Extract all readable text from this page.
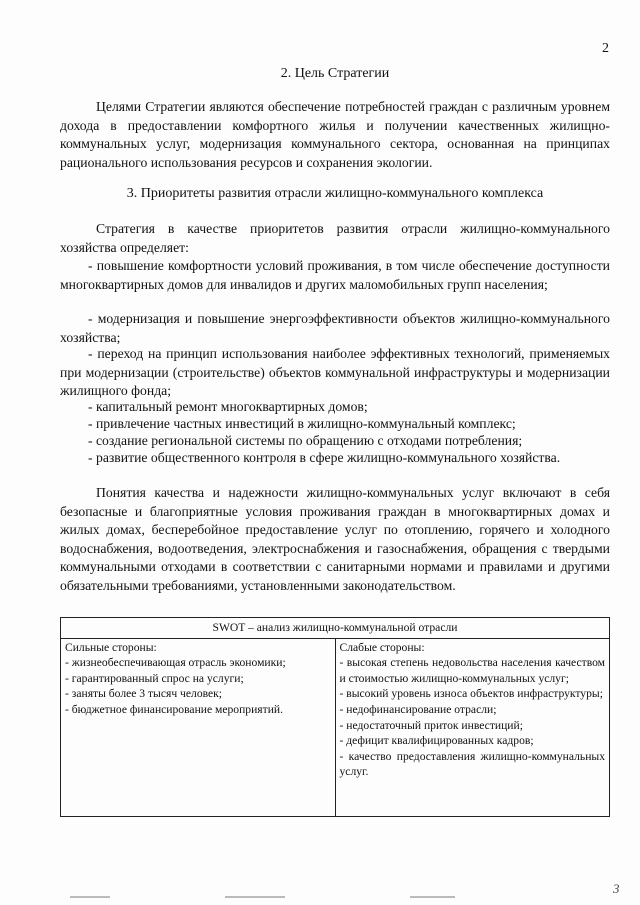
2
2. Цель Стратегии

Целями Стратегии являются обеспечение потребностей граждан с различным уровнем дохода в предоставлении комфортного жилья и получении качественных жилищно-коммунальных услуг, модернизация коммунального сектора, основанная на принципах рационального использования ресурсов и сохранения экологии.

3. Приоритеты развития отрасли жилищно-коммунального комплекса

Стратегия в качестве приоритетов развития отрасли жилищно-коммунального хозяйства определяет:

- повышение комфортности условий проживания, в том числе обеспечение доступности многоквартирных домов для инвалидов и других маломобильных групп населения;

- модернизация и повышение энергоэффективности объектов жилищно-коммунального хозяйства;

- переход на принцип использования наиболее эффективных технологий, применяемых при модернизации (строительстве) объектов коммунальной инфраструктуры и модернизации жилищного фонда;

- капитальный ремонт многоквартирных домов;

- привлечение частных инвестиций в жилищно-коммунальный комплекс;

- создание региональной системы по обращению с отходами потребления;

- развитие общественного контроля в сфере жилищно-коммунального хозяйства.

Понятия качества и надежности жилищно-коммунальных услуг включают в себя безопасные и благоприятные условия проживания граждан в многоквартирных домах и жилых домах, бесперебойное предоставление услуг по отоплению, горячего и холодного водоснабжения, водоотведения, электроснабжения и газоснабжения, обращения с твердыми коммунальными отходами в соответствии с санитарными нормами и правилами и другими обязательными требованиями, установленными законодательством.

SWOT – анализ жилищно-коммунальной отрасли

Сильные стороны:
- жизнеобеспечивающая отрасль экономики;
- гарантированный спрос на услуги;
- заняты более 3 тысяч человек;
- бюджетное финансирование мероприятий.

Слабые стороны:
- высокая степень недовольства населения качеством и стоимостью жилищно-коммунальных услуг;
- высокий уровень износа объектов инфраструктуры;
- недофинансирование отрасли;
- недостаточный приток инвестиций;
- дефицит квалифицированных кадров;
- качество предоставления жилищно-коммунальных услуг.
3
